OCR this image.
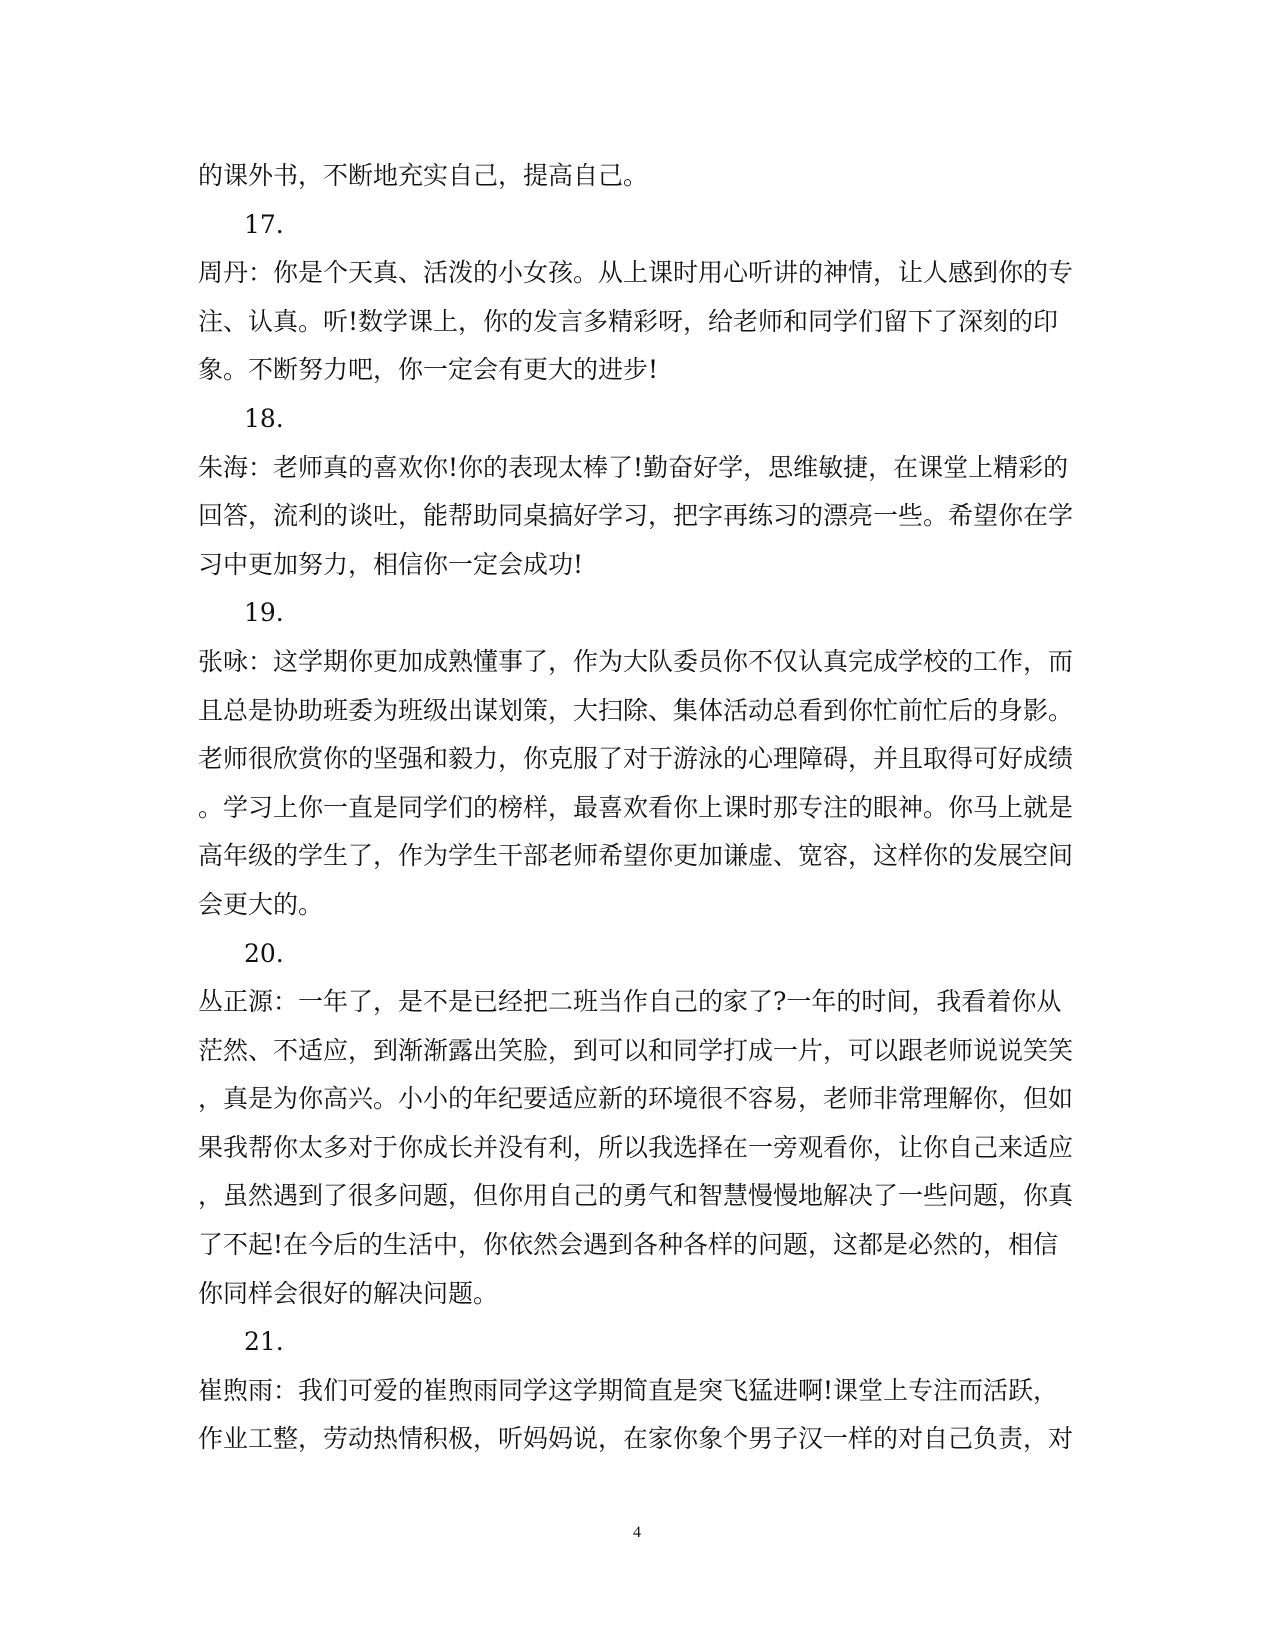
的课外书，不断地充实自己，提高自己。
17.
周丹：你是个天真、活泼的小女孩。从上课时用心听讲的神情，让人感到你的专
注、认真。听!数学课上，你的发言多精彩呀，给老师和同学们留下了深刻的印
象。不断努力吧，你一定会有更大的进步!
18.
朱海：老师真的喜欢你!你的表现太棒了!勤奋好学，思维敏捷，在课堂上精彩的
回答，流利的谈吐，能帮助同桌搞好学习，把字再练习的漂亮一些。希望你在学
习中更加努力，相信你一定会成功!
19.
张咏：这学期你更加成熟懂事了，作为大队委员你不仅认真完成学校的工作，而
且总是协助班委为班级出谋划策，大扫除、集体活动总看到你忙前忙后的身影。
老师很欣赏你的坚强和毅力，你克服了对于游泳的心理障碍，并且取得可好成绩
。学习上你一直是同学们的榜样，最喜欢看你上课时那专注的眼神。你马上就是
高年级的学生了，作为学生干部老师希望你更加谦虚、宽容，这样你的发展空间
会更大的。
20.
丛正源：一年了，是不是已经把二班当作自己的家了?一年的时间，我看着你从
茫然、不适应，到渐渐露出笑脸，到可以和同学打成一片，可以跟老师说说笑笑
，真是为你高兴。小小的年纪要适应新的环境很不容易，老师非常理解你，但如
果我帮你太多对于你成长并没有利，所以我选择在一旁观看你，让你自己来适应
，虽然遇到了很多问题，但你用自己的勇气和智慧慢慢地解决了一些问题，你真
了不起!在今后的生活中，你依然会遇到各种各样的问题，这都是必然的，相信
你同样会很好的解决问题。
21.
崔煦雨：我们可爱的崔煦雨同学这学期简直是突飞猛进啊!课堂上专注而活跃，
作业工整，劳动热情积极，听妈妈说，在家你象个男子汉一样的对自己负责，对
4
